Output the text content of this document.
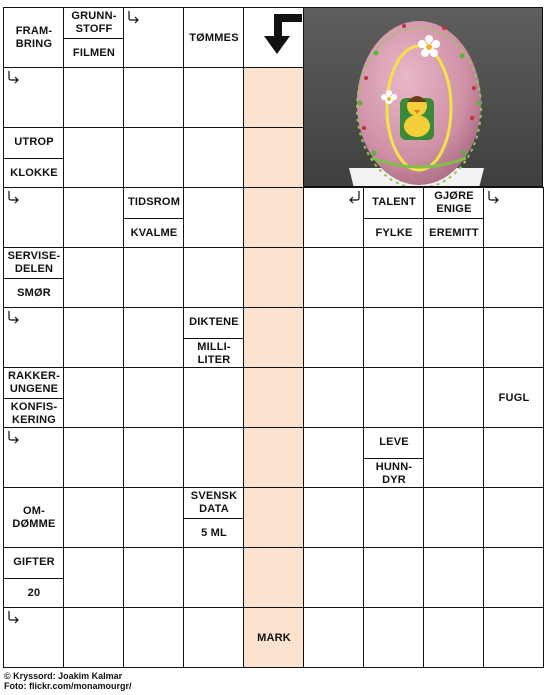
FRAM-
BRING
GRUNN-
STOFF
FILMEN
TØMMES
UTROP
KLOKKE
TIDSROM
KVALME
TALENT
FYLKE
GJØRE
ENIGE
EREMITT
SERVISE-
DELEN
SMØR
DIKTENE
MILLI-
LITER
RAKKER-
UNGENE
KONFIS-
KERING
FUGL
LEVE
HUNN-
DYR
OM-
DØMME
SVENSK
DATA
5 ML
GIFTER
20
MARK
© Kryssord: Joakim Kalmar
Foto: flickr.com/monamourgr/
